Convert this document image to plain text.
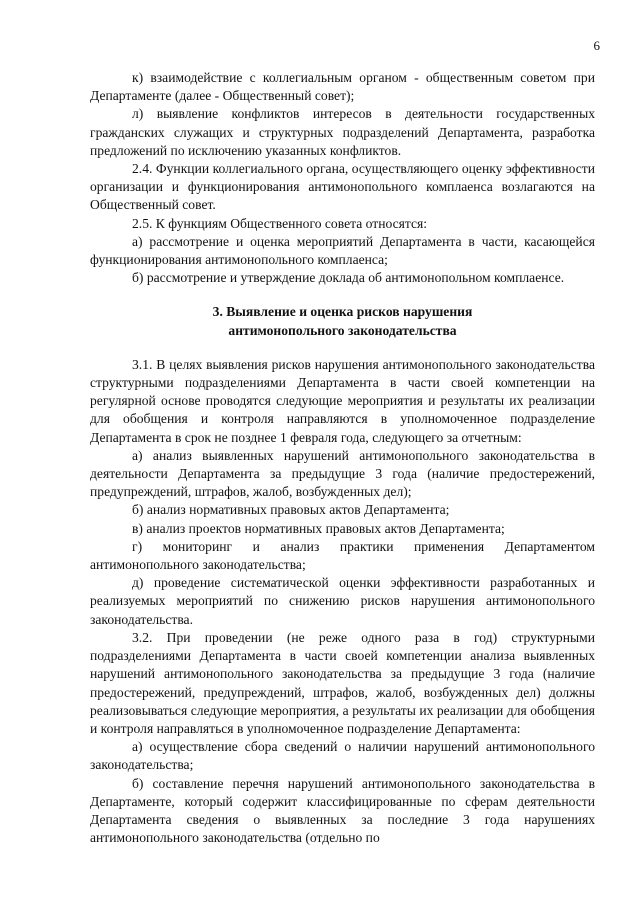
6

к) взаимодействие с коллегиальным органом - общественным советом при Департаменте (далее - Общественный совет);

л) выявление конфликтов интересов в деятельности государственных гражданских служащих и структурных подразделений Департамента, разработка предложений по исключению указанных конфликтов.

2.4. Функции коллегиального органа, осуществляющего оценку эффективности организации и функционирования антимонопольного комплаенса возлагаются на Общественный совет.

2.5. К функциям Общественного совета относятся:

а) рассмотрение и оценка мероприятий Департамента в части, касающейся функционирования антимонопольного комплаенса;

б) рассмотрение и утверждение доклада об антимонопольном комплаенсе.

3. Выявление и оценка рисков нарушения
антимонопольного законодательства

3.1. В целях выявления рисков нарушения антимонопольного законодательства структурными подразделениями Департамента в части своей компетенции на регулярной основе проводятся следующие мероприятия и результаты их реализации для обобщения и контроля направляются в уполномоченное подразделение Департамента в срок не позднее 1 февраля года, следующего за отчетным:

а) анализ выявленных нарушений антимонопольного законодательства в деятельности Департамента за предыдущие 3 года (наличие предостережений, предупреждений, штрафов, жалоб, возбужденных дел);

б) анализ нормативных правовых актов Департамента;

в) анализ проектов нормативных правовых актов Департамента;

г) мониторинг и анализ практики применения Департаментом антимонопольного законодательства;

д) проведение систематической оценки эффективности разработанных и реализуемых мероприятий по снижению рисков нарушения антимонопольного законодательства.

3.2. При проведении (не реже одного раза в год) структурными подразделениями Департамента в части своей компетенции анализа выявленных нарушений антимонопольного законодательства за предыдущие 3 года (наличие предостережений, предупреждений, штрафов, жалоб, возбужденных дел) должны реализовываться следующие мероприятия, а результаты их реализации для обобщения и контроля направляться в уполномоченное подразделение Департамента:

а) осуществление сбора сведений о наличии нарушений антимонопольного законодательства;

б) составление перечня нарушений антимонопольного законодательства в Департаменте, который содержит классифицированные по сферам деятельности Департамента сведения о выявленных за последние 3 года нарушениях антимонопольного законодательства (отдельно по
